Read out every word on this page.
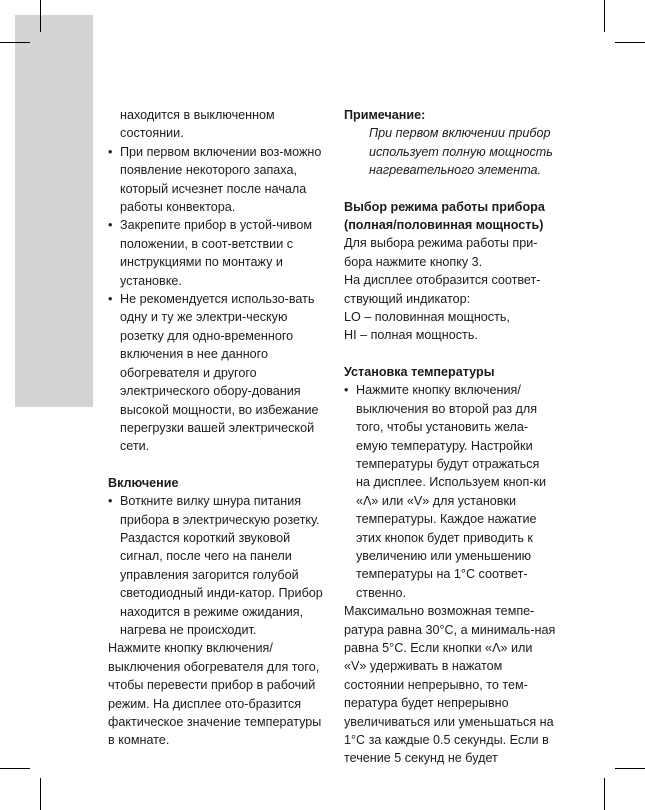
находится в выключенном состоянии.

• При первом включении воз-можно появление некоторого запаха, который исчезнет после начала работы конвектора.
• Закрепите прибор в устой-чивом положении, в соот-ветствии с инструкциями по монтажу и установке.
• Не рекомендуется использо-вать одну и ту же электри-ческую розетку для одно-временного включения в нее данного обогревателя и другого электрического обору-дования высокой мощности, во избежание перегрузки вашей электрической сети.

Включение

• Воткните вилку шнура питания прибора в электрическую розетку. Раздастся короткий звуковой сигнал, после чего на панели управления загорится голубой светодиодный инди-катор. Прибор находится в режиме ожидания, нагрева не происходит.

Нажмите кнопку включения/выключения обогревателя для того, чтобы перевести прибор в рабочий режим. На дисплее ото-бразится фактическое значение температуры в комнате.

Примечание:

При первом включении прибор использует полную мощность нагревательного элемента.

Выбор режима работы прибора (полная/половинная мощность)

Для выбора режима работы при-бора нажмите кнопку 3.

На дисплее отобразится соответ-ствующий индикатор:

LO – половинная мощность,

HI – полная мощность.

Установка температуры

• Нажмите кнопку включения/ выключения во второй раз для того, чтобы установить жела-емую температуру. Настройки температуры будут отражаться на дисплее. Используем кноп-ки «Λ» или «V» для установки температуры. Каждое нажатие этих кнопок будет приводить к увеличению или уменьшению температуры на 1°С соответ-ственно.

Максимально возможная темпе-ратура равна 30°С, а минималь-ная равна 5°С. Если кнопки «Λ» или «V» удерживать в нажатом состоянии непрерывно, то тем-пература будет непрерывно увеличиваться или уменьшаться на 1°С за каждые 0.5 секунды. Если в течение 5 секунд не будет
